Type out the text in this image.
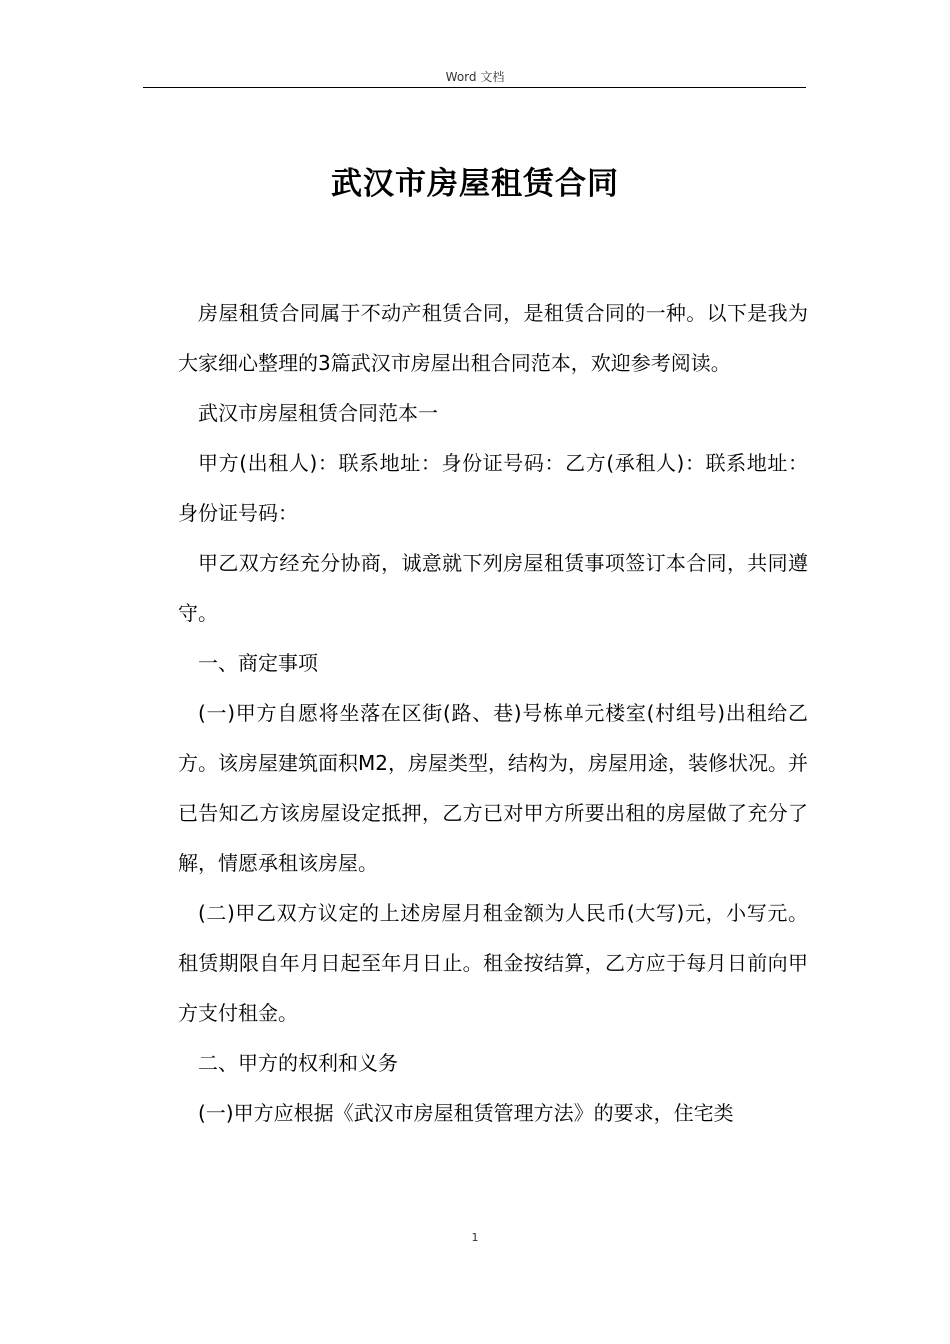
Word 文档
武汉市房屋租赁合同

房屋租赁合同属于不动产租赁合同，是租赁合同的一种。以下是我为大家细心整理的3篇武汉市房屋出租合同范本，欢迎参考阅读。

武汉市房屋租赁合同范本一

甲方(出租人)：联系地址：身份证号码：乙方(承租人)：联系地址：身份证号码：

甲乙双方经充分协商，诚意就下列房屋租赁事项签订本合同，共同遵守。

一、商定事项

(一)甲方自愿将坐落在区街(路、巷)号栋单元楼室(村组号)出租给乙方。该房屋建筑面积M2，房屋类型，结构为，房屋用途，装修状况。并已告知乙方该房屋设定抵押，乙方已对甲方所要出租的房屋做了充分了解，情愿承租该房屋。

(二)甲乙双方议定的上述房屋月租金额为人民币(大写)元，小写元。租赁期限自年月日起至年月日止。租金按结算，乙方应于每月日前向甲方支付租金。

二、甲方的权利和义务

(一)甲方应根据《武汉市房屋租赁管理方法》的要求，住宅类

1
